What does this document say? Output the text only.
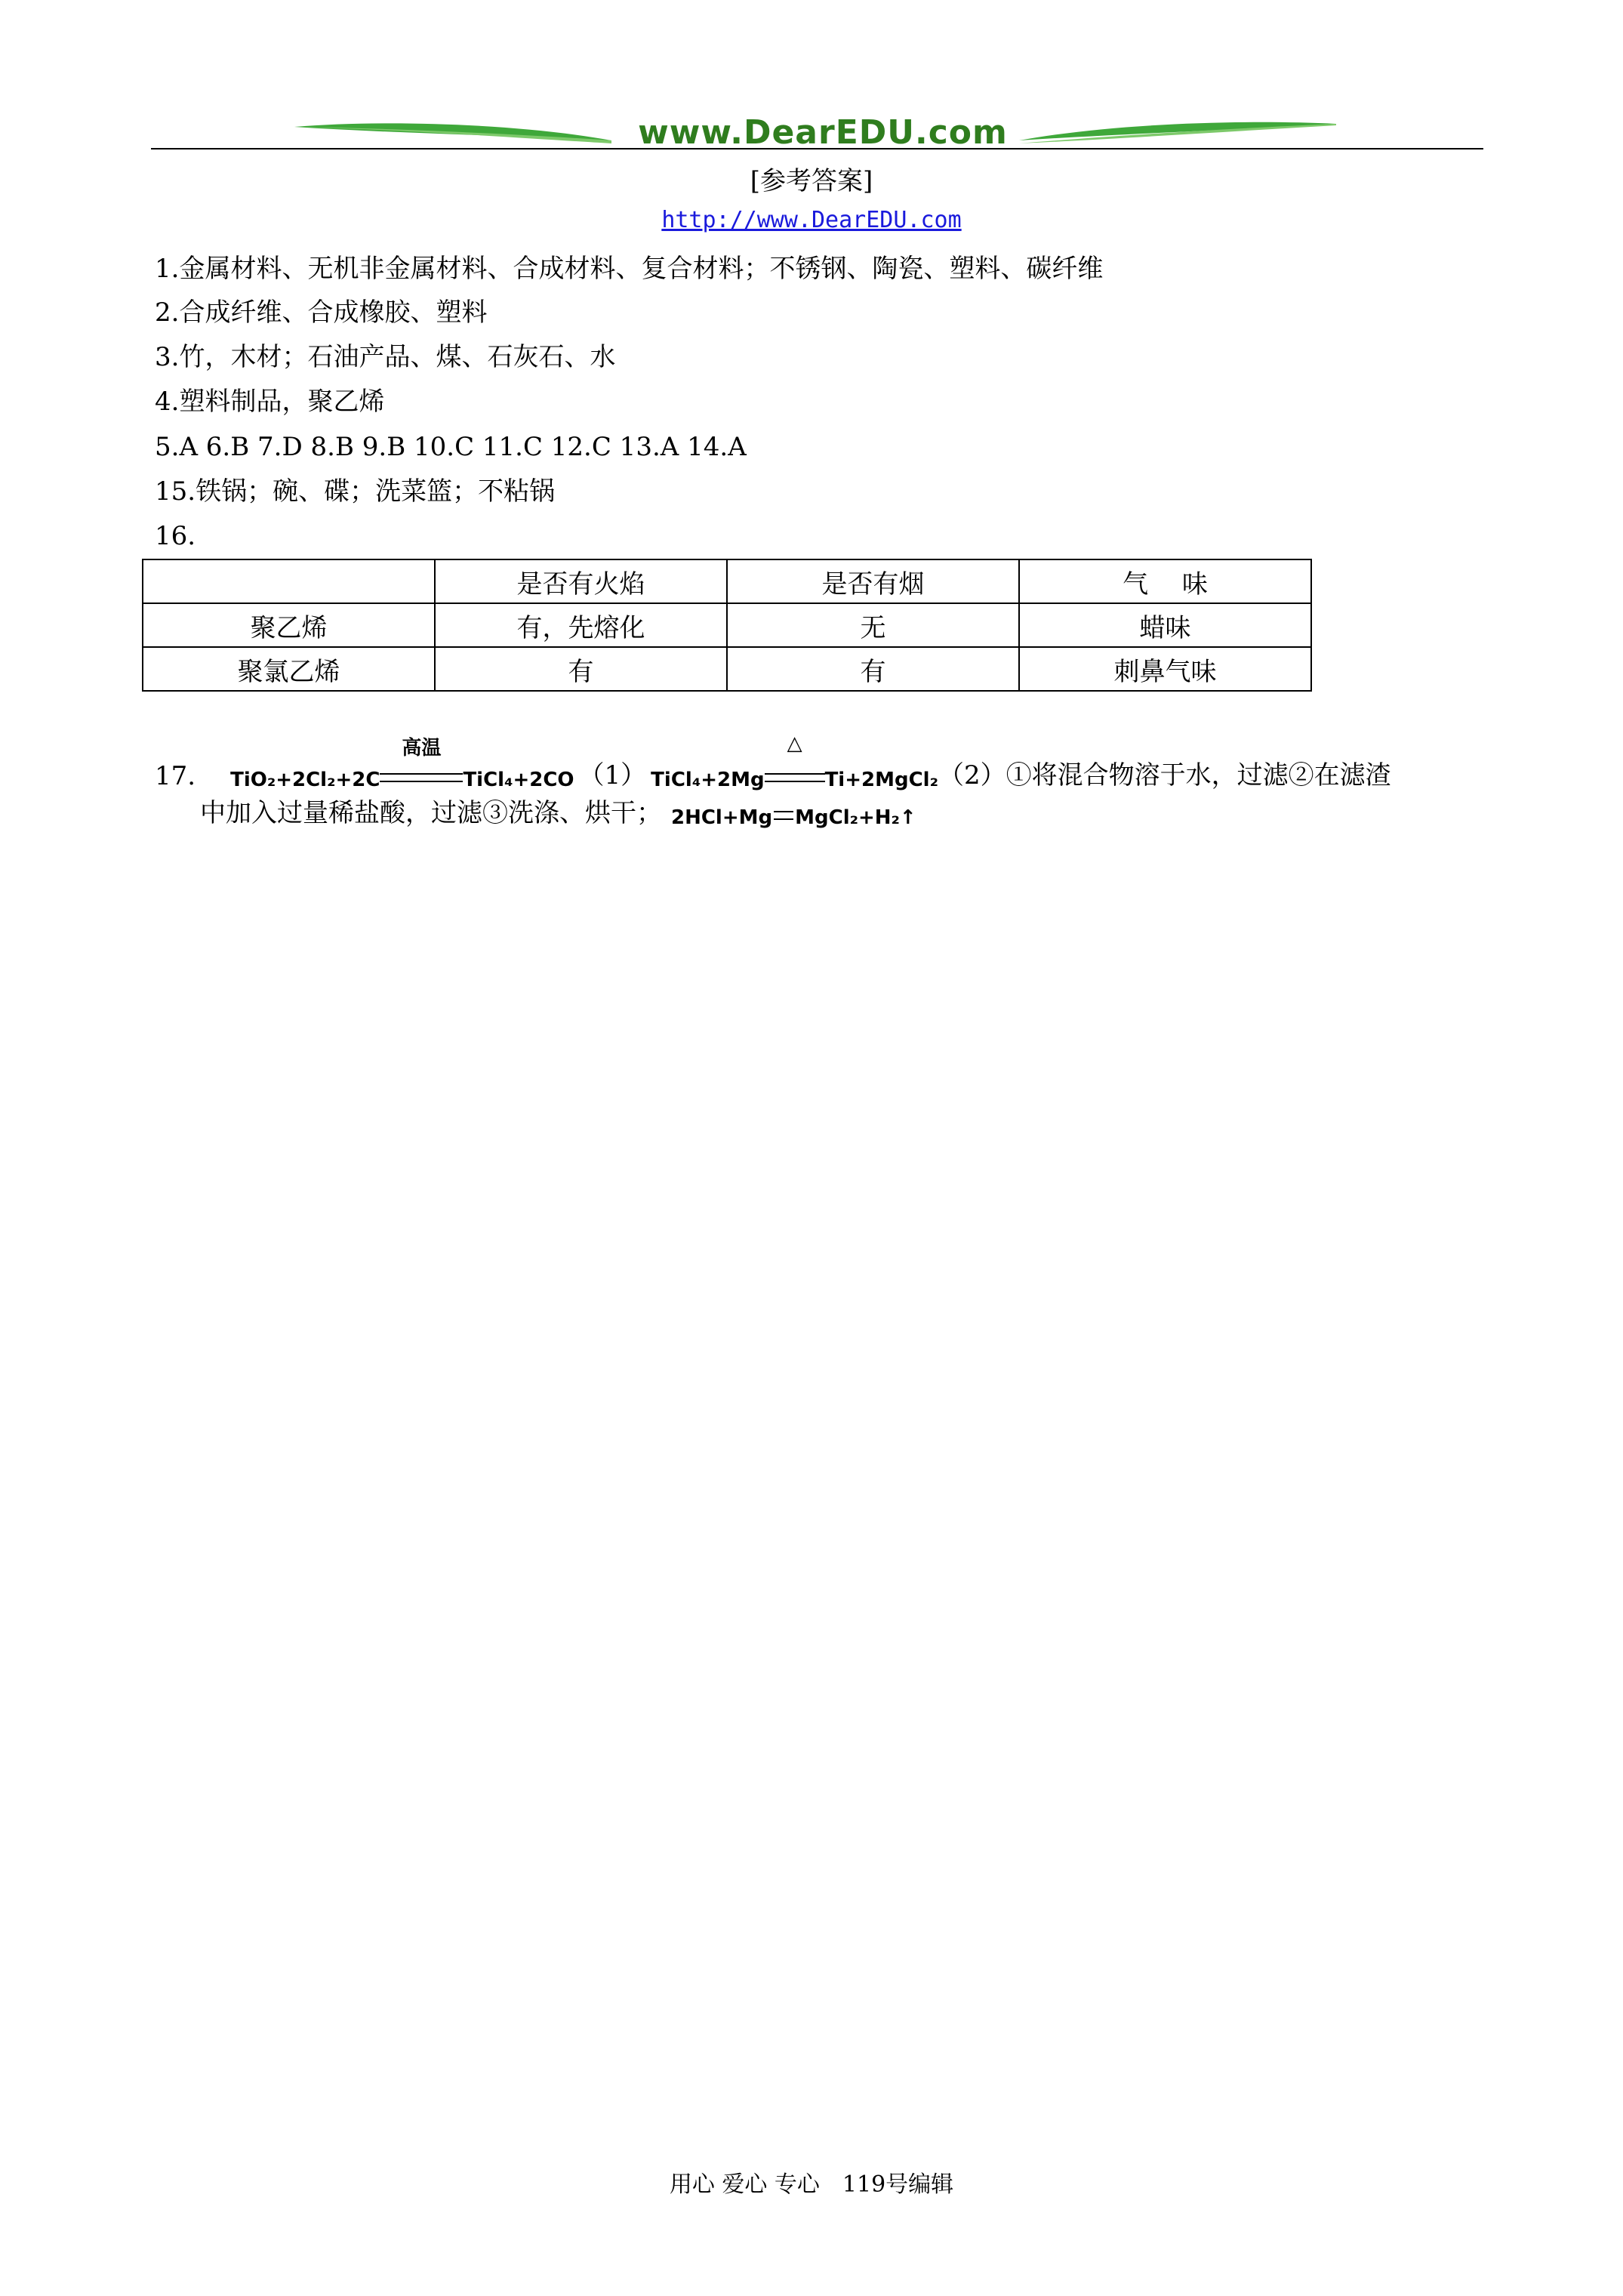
www.DearEDU.com
[参考答案]
http://www.DearEDU.com
1.金属材料、无机非金属材料、合成材料、复合材料；不锈钢、陶瓷、塑料、碳纤维
2.合成纤维、合成橡胶、塑料
3.竹，木材；石油产品、煤、石灰石、水
4.塑料制品，聚乙烯
5.A 6.B 7.D 8.B 9.B 10.C 11.C 12.C 13.A 14.A
15.铁锅；碗、碟；洗菜篮；不粘锅
16.
	是否有火焰	是否有烟	气　 味
聚乙烯	有，先熔化	无	蜡味
聚氯乙烯	有	有	刺鼻气味
17. TiO₂+2Cl₂+2C
高温
TiCl₄+2CO （1） TiCl₄+2Mg
△
Ti+2MgCl₂ （2）①将混合物溶于水，过滤②在滤渣
中加入过量稀盐酸，过滤③洗涤、烘干； 2HCl+Mg MgCl₂+H₂↑
用心 爱心 专心　119号编辑
